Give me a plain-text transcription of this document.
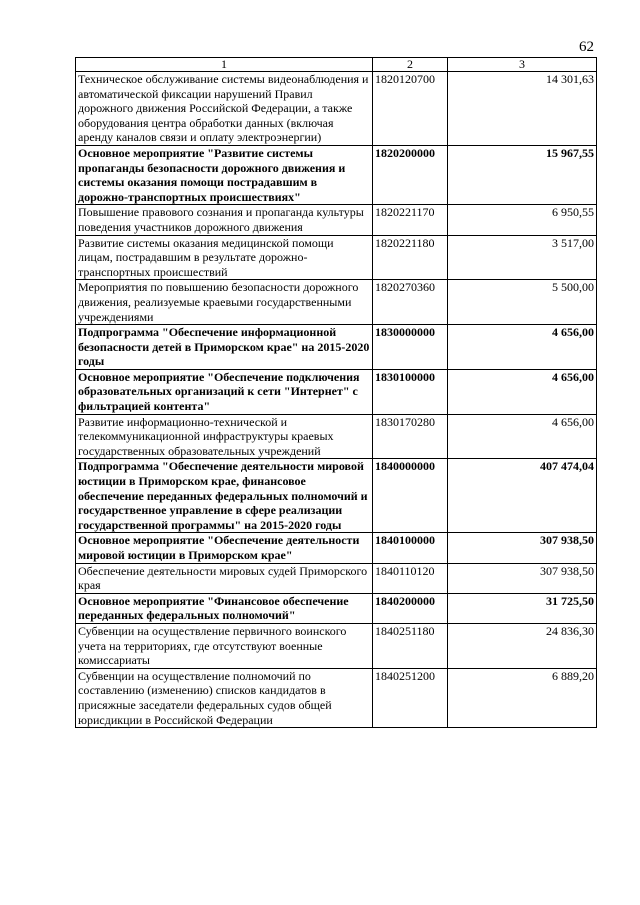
62
1	2	3
Техническое обслуживание системы видеонаблюдения и автоматической фиксации нарушений Правил дорожного движения Российской Федерации, а также оборудования центра обработки данных (включая аренду каналов связи и оплату электроэнергии)	1820120700	14 301,63
Основное мероприятие "Развитие системы пропаганды безопасности дорожного движения и системы оказания помощи пострадавшим в дорожно-транспортных происшествиях"	1820200000	15 967,55
Повышение правового сознания и пропаганда культуры поведения участников дорожного движения	1820221170	6 950,55
Развитие системы оказания медицинской помощи лицам, пострадавшим в результате дорожно-транспортных происшествий	1820221180	3 517,00
Мероприятия по повышению безопасности дорожного движения, реализуемые краевыми государственными учреждениями	1820270360	5 500,00
Подпрограмма "Обеспечение информационной безопасности детей в Приморском крае" на 2015-2020 годы	1830000000	4 656,00
Основное мероприятие "Обеспечение подключения образовательных организаций к сети "Интернет" с фильтрацией контента"	1830100000	4 656,00
Развитие информационно-технической и телекоммуникационной инфраструктуры краевых государственных образовательных учреждений	1830170280	4 656,00
Подпрограмма "Обеспечение деятельности мировой юстиции в Приморском крае, финансовое обеспечение переданных федеральных полномочий и государственное управление в сфере реализации государственной программы" на 2015-2020 годы	1840000000	407 474,04
Основное мероприятие "Обеспечение деятельности мировой юстиции в Приморском крае"	1840100000	307 938,50
Обеспечение деятельности мировых судей Приморского края	1840110120	307 938,50
Основное мероприятие "Финансовое обеспечение переданных федеральных полномочий"	1840200000	31 725,50
Субвенции на осуществление первичного воинского учета на территориях, где отсутствуют военные комиссариаты	1840251180	24 836,30
Субвенции на осуществление полномочий по составлению (изменению) списков кандидатов в присяжные заседатели федеральных судов общей юрисдикции в Российской Федерации	1840251200	6 889,20
